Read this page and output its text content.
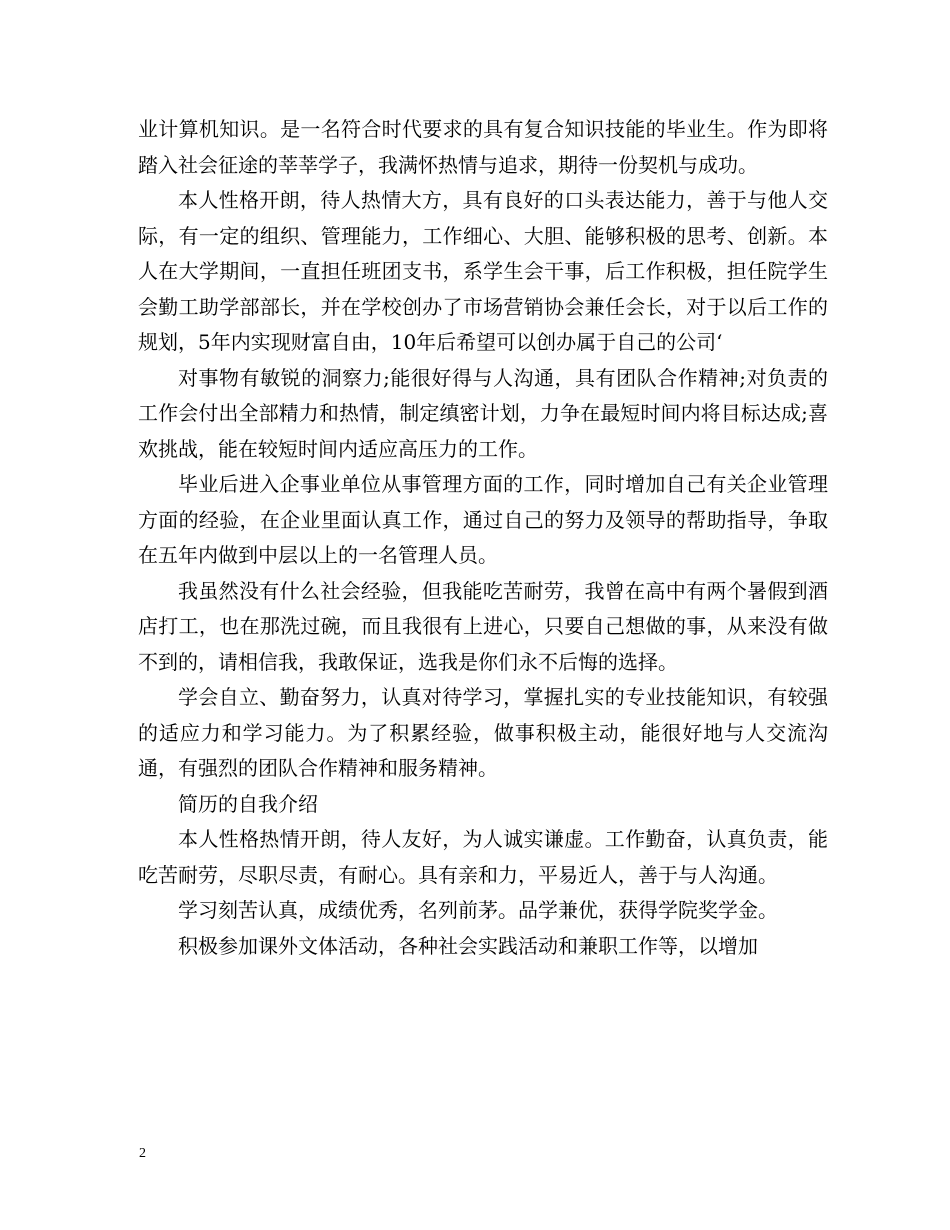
业计算机知识。是一名符合时代要求的具有复合知识技能的毕业生。作为即将踏入社会征途的莘莘学子，我满怀热情与追求，期待一份契机与成功。

本人性格开朗，待人热情大方，具有良好的口头表达能力，善于与他人交际，有一定的组织、管理能力，工作细心、大胆、能够积极的思考、创新。本人在大学期间，一直担任班团支书，系学生会干事，后工作积极，担任院学生会勤工助学部部长，并在学校创办了市场营销协会兼任会长，对于以后工作的规划，5年内实现财富自由，10年后希望可以创办属于自己的公司‘

对事物有敏锐的洞察力;能很好得与人沟通，具有团队合作精神;对负责的工作会付出全部精力和热情，制定缜密计划，力争在最短时间内将目标达成;喜欢挑战，能在较短时间内适应高压力的工作。

毕业后进入企事业单位从事管理方面的工作，同时增加自己有关企业管理方面的经验，在企业里面认真工作，通过自己的努力及领导的帮助指导，争取在五年内做到中层以上的一名管理人员。

我虽然没有什么社会经验，但我能吃苦耐劳，我曾在高中有两个暑假到酒店打工，也在那洗过碗，而且我很有上进心，只要自己想做的事，从来没有做不到的，请相信我，我敢保证，选我是你们永不后悔的选择。

学会自立、勤奋努力，认真对待学习，掌握扎实的专业技能知识，有较强的适应力和学习能力。为了积累经验，做事积极主动，能很好地与人交流沟通，有强烈的团队合作精神和服务精神。

简历的自我介绍

本人性格热情开朗，待人友好，为人诚实谦虚。工作勤奋，认真负责，能吃苦耐劳，尽职尽责，有耐心。具有亲和力，平易近人，善于与人沟通。

学习刻苦认真，成绩优秀，名列前茅。品学兼优，获得学院奖学金。

积极参加课外文体活动，各种社会实践活动和兼职工作等，以增加

2
